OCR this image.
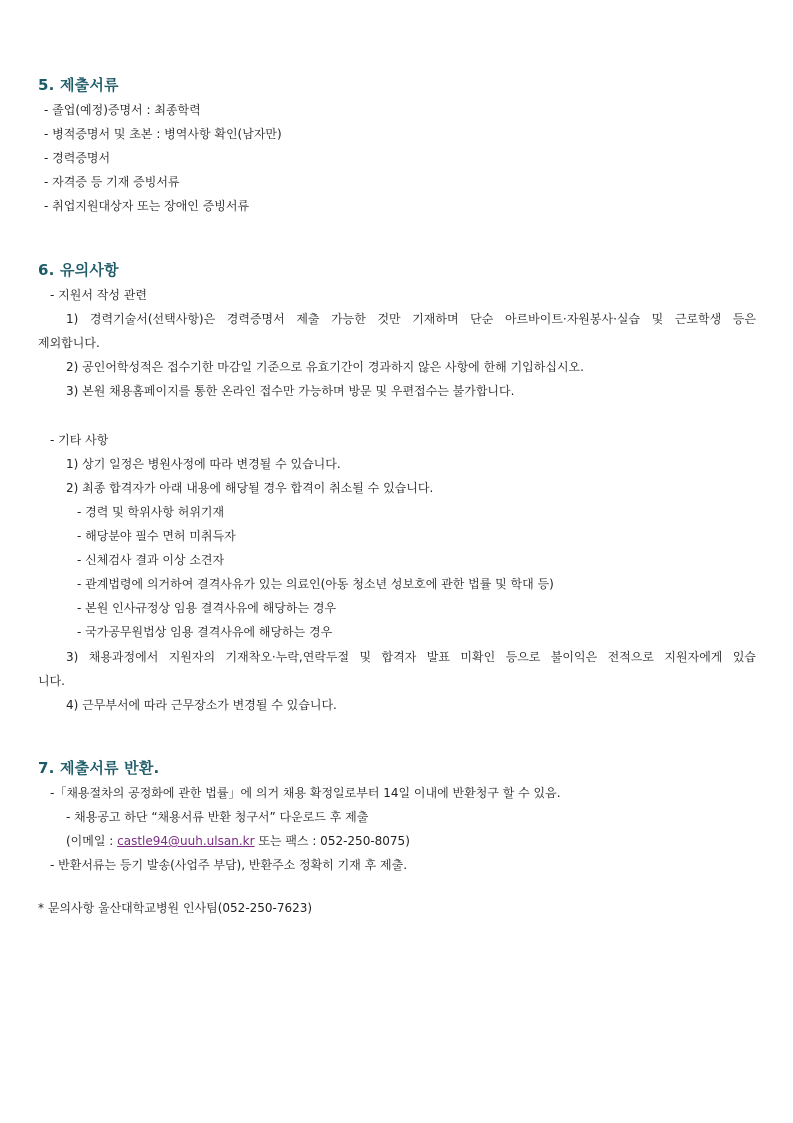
5. 제출서류
- 졸업(예정)증명서 : 최종학력
- 병적증명서 및 초본 : 병역사항 확인(남자만)
- 경력증명서
- 자격증 등 기재 증빙서류
- 취업지원대상자 또는 장애인 증빙서류
6. 유의사항
- 지원서 작성 관련
1) 경력기술서(선택사항)은 경력증명서 제출 가능한 것만 기재하며 단순 아르바이트·자원봉사·실습 및 근로학생 등은
제외합니다.
2) 공인어학성적은 접수기한 마감일 기준으로 유효기간이 경과하지 않은 사항에 한해 기입하십시오.
3) 본원 채용홈페이지를 통한 온라인 접수만 가능하며 방문 및 우편접수는 불가합니다.
- 기타 사항
1) 상기 일정은 병원사정에 따라 변경될 수 있습니다.
2) 최종 합격자가 아래 내용에 해당될 경우 합격이 취소될 수 있습니다.
- 경력 및 학위사항 허위기재
- 해당분야 필수 면허 미취득자
- 신체검사 결과 이상 소견자
- 관계법령에 의거하여 결격사유가 있는 의료인(아동 청소년 성보호에 관한 법률 및 학대 등)
- 본원 인사규정상 임용 결격사유에 해당하는 경우
- 국가공무원법상 임용 결격사유에 해당하는 경우
3) 채용과정에서 지원자의 기재착오·누락,연락두절 및 합격자 발표 미확인 등으로 불이익은 전적으로 지원자에게 있습
니다.
4) 근무부서에 따라 근무장소가 변경될 수 있습니다.
7. 제출서류 반환.
-「채용절차의 공정화에 관한 법률」에 의거 채용 확정일로부터 14일 이내에 반환청구 할 수 있음.
- 채용공고 하단 “채용서류 반환 청구서” 다운로드 후 제출
(이메일 : castle94@uuh.ulsan.kr 또는 팩스 : 052-250-8075)
- 반환서류는 등기 발송(사업주 부담), 반환주소 정확히 기재 후 제출.
* 문의사항 울산대학교병원 인사팀(052-250-7623)
